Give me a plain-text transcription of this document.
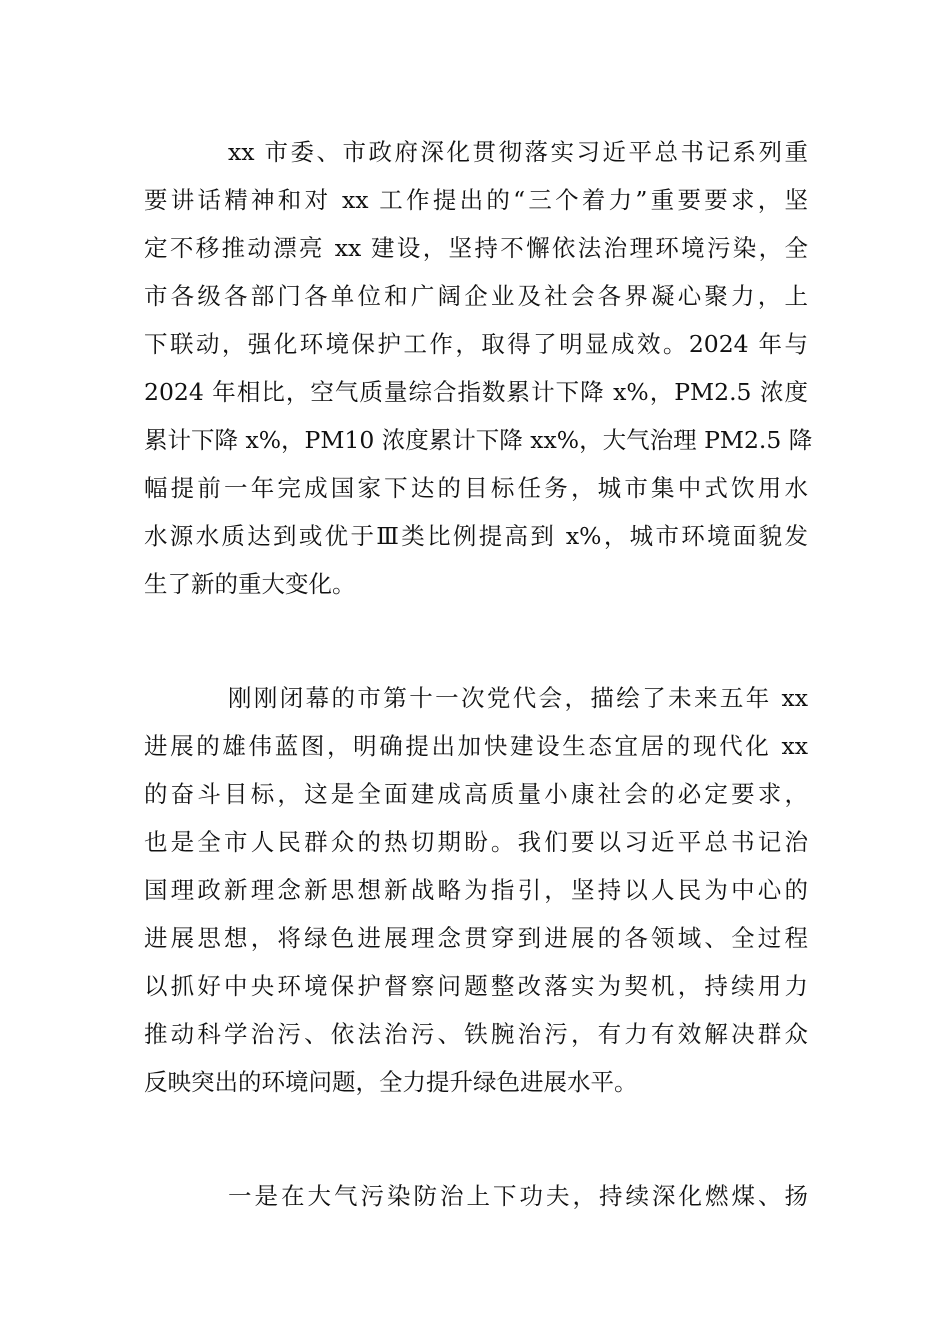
xx 市委、市政府深化贯彻落实习近平总书记系列重
要讲话精神和对 xx 工作提出的“三个着力”重要要求，坚
定不移推动漂亮 xx 建设，坚持不懈依法治理环境污染，全
市各级各部门各单位和广阔企业及社会各界凝心聚力，上
下联动，强化环境保护工作，取得了明显成效。2024 年与
2024 年相比，空气质量综合指数累计下降 x%，PM2.5 浓度
累计下降 x%，PM10 浓度累计下降 xx%，大气治理 PM2.5 降
幅提前一年完成国家下达的目标任务，城市集中式饮用水
水源水质达到或优于Ⅲ类比例提高到 x%，城市环境面貌发
生了新的重大变化。
刚刚闭幕的市第十一次党代会，描绘了未来五年 xx
进展的雄伟蓝图，明确提出加快建设生态宜居的现代化 xx
的奋斗目标，这是全面建成高质量小康社会的必定要求，
也是全市人民群众的热切期盼。我们要以习近平总书记治
国理政新理念新思想新战略为指引，坚持以人民为中心的
进展思想，将绿色进展理念贯穿到进展的各领域、全过程
以抓好中央环境保护督察问题整改落实为契机，持续用力
推动科学治污、依法治污、铁腕治污，有力有效解决群众
反映突出的环境问题，全力提升绿色进展水平。
一是在大气污染防治上下功夫，持续深化燃煤、扬
